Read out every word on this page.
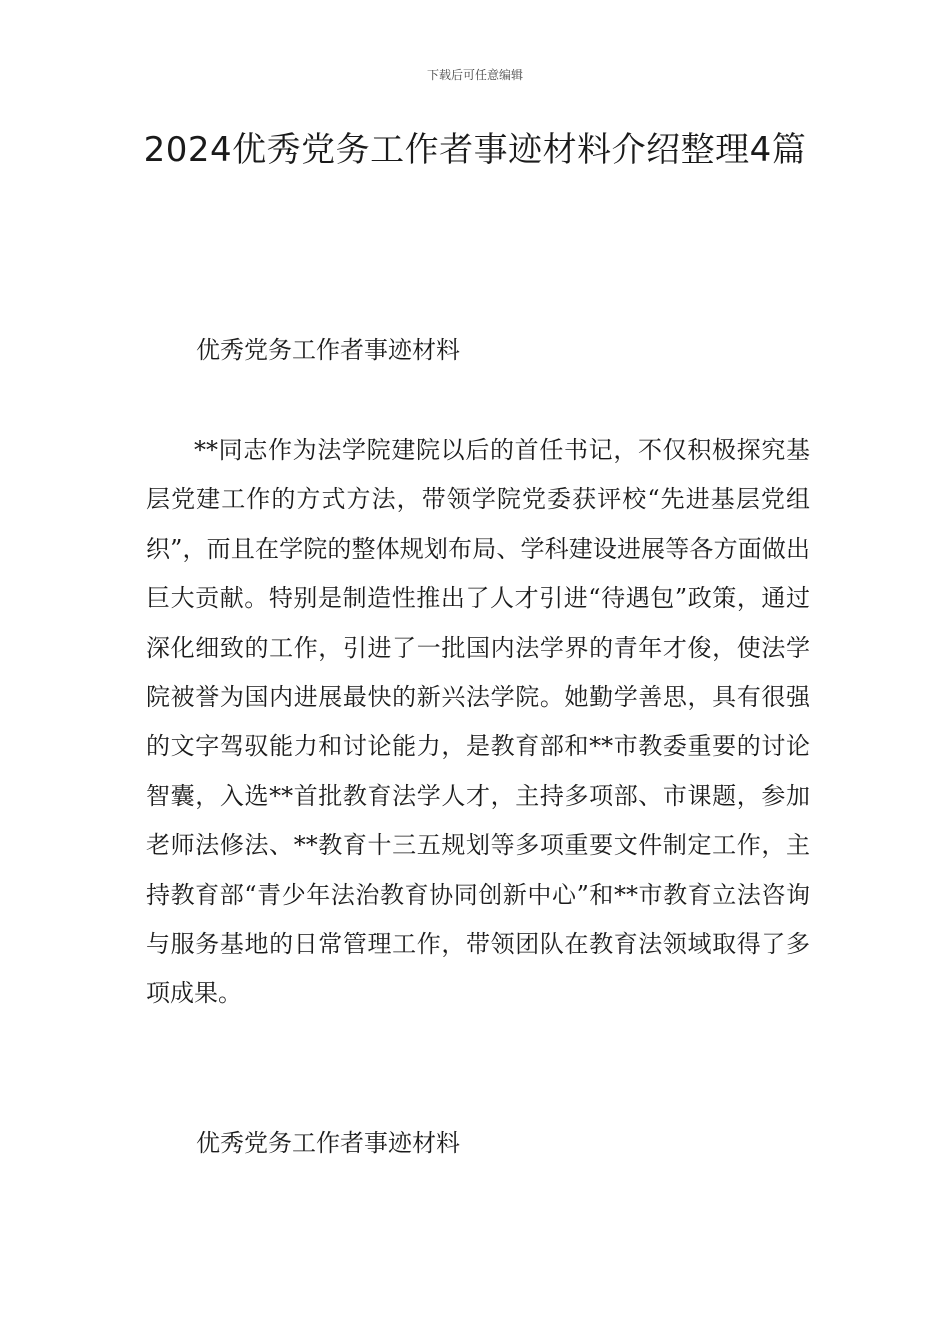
下载后可任意编辑
2024优秀党务工作者事迹材料介绍整理4篇
优秀党务工作者事迹材料

**同志作为法学院建院以后的首任书记，不仅积极探究基层党建工作的方式方法，带领学院党委获评校“先进基层党组织”，而且在学院的整体规划布局、学科建设进展等各方面做出巨大贡献。特别是制造性推出了人才引进“待遇包”政策，通过深化细致的工作，引进了一批国内法学界的青年才俊，使法学院被誉为国内进展最快的新兴法学院。她勤学善思，具有很强的文字驾驭能力和讨论能力，是教育部和**市教委重要的讨论智囊，入选**首批教育法学人才，主持多项部、市课题，参加老师法修法、**教育十三五规划等多项重要文件制定工作，主持教育部“青少年法治教育协同创新中心”和**市教育立法咨询与服务基地的日常管理工作，带领团队在教育法领域取得了多项成果。

优秀党务工作者事迹材料
